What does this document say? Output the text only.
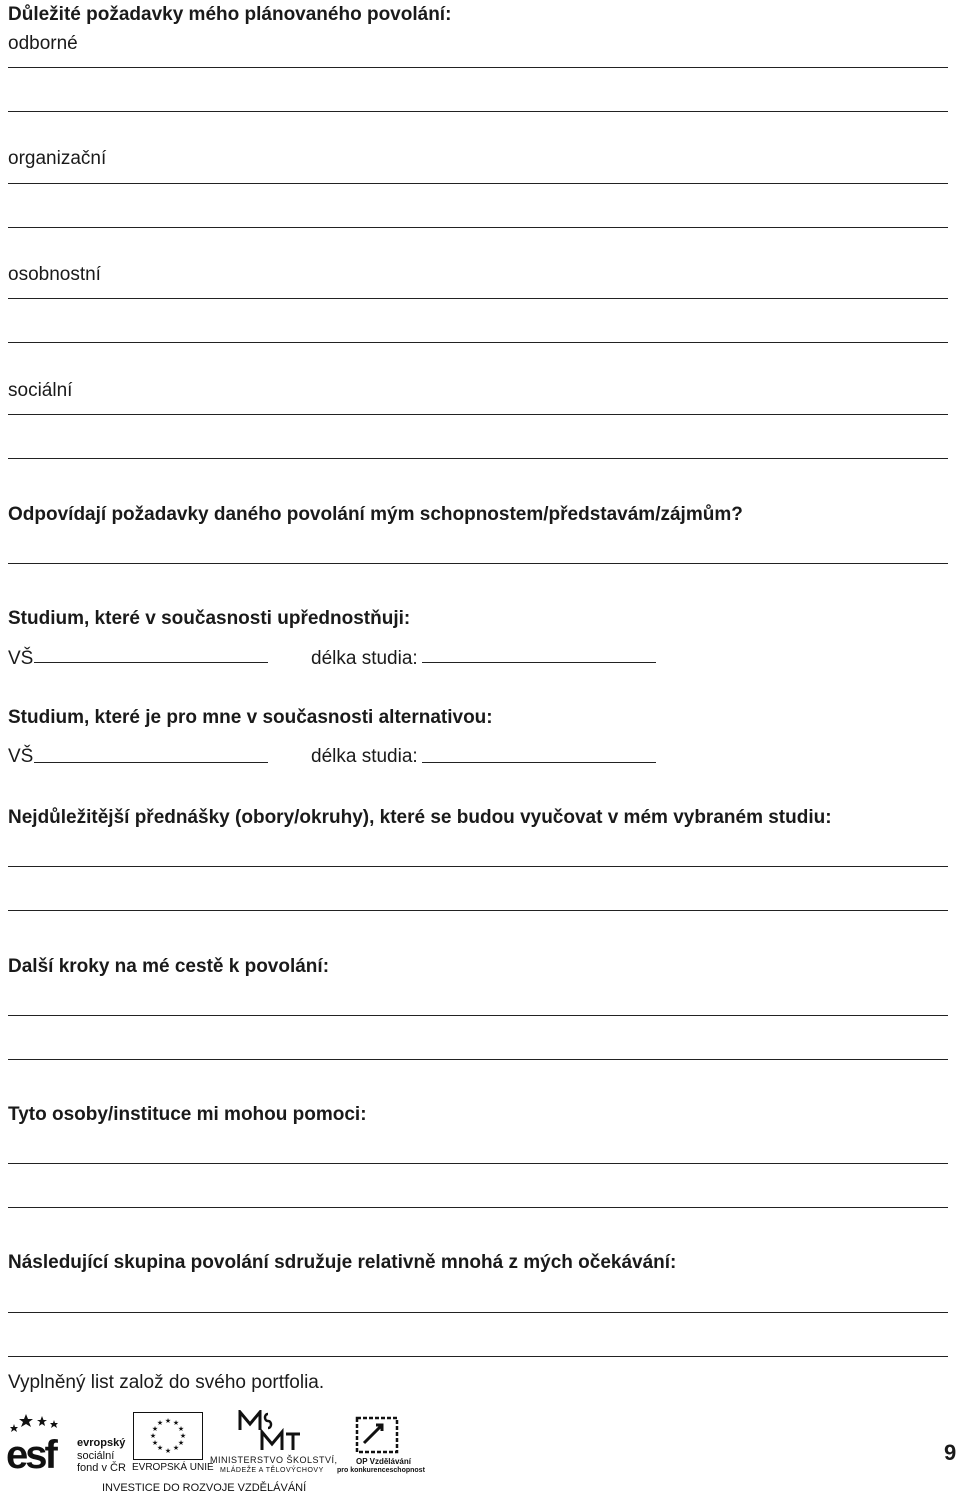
Důležité požadavky mého plánovaného povolání:
odborné
organizační
osobnostní
sociální
Odpovídají požadavky daného povolání mým schopnostem/představám/zájmům?
Studium, které v současnosti upřednostňuji:
VŠ	délka studia:
Studium, které je pro mne v současnosti alternativou:
VŠ	délka studia:
Nejdůležitější přednášky (obory/okruhy), které se budou vyučovat v mém vybraném studiu:
Další kroky na mé cestě k povolání:
Tyto osoby/instituce mi mohou pomoci:
Následující skupina povolání sdružuje relativně mnohá z mých očekávání:
Vyplněný list založ do svého portfolia.
esf	evropský
sociální
fond v ČR
★ ★
★
★
★
★
★
★
★
★
★
★
EVROPSKÁ UNIE
MINISTERSTVO ŠKOLSTVÍ,
MLÁDEŽE A TĚLOVÝCHOVY
OP Vzdělávání
pro konkurenceschopnost
INVESTICE DO ROZVOJE VZDĚLÁVÁNÍ
9
